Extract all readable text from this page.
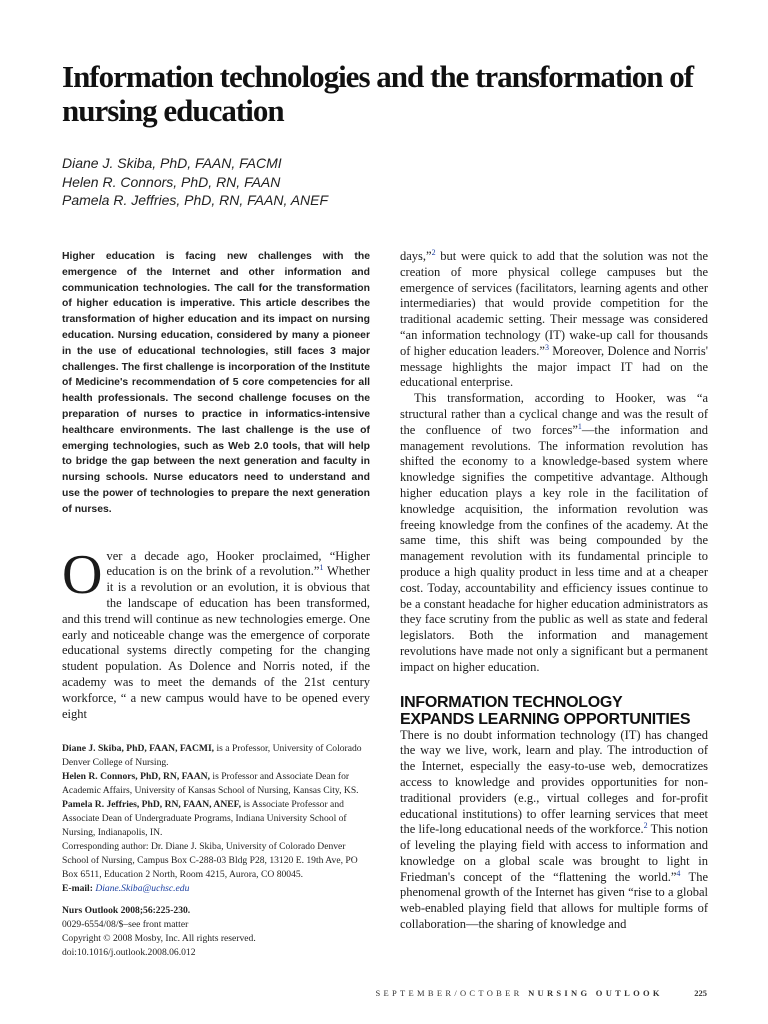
Information technologies and the transformation of nursing education
Diane J. Skiba, PhD, FAAN, FACMI
Helen R. Connors, PhD, RN, FAAN
Pamela R. Jeffries, PhD, RN, FAAN, ANEF

Higher education is facing new challenges with the emergence of the Internet and other information and communication technologies. The call for the transformation of higher education is imperative. This article describes the transformation of higher education and its impact on nursing education. Nursing education, considered by many a pioneer in the use of educational technologies, still faces 3 major challenges. The first challenge is incorporation of the Institute of Medicine's recommendation of 5 core competencies for all health professionals. The second challenge focuses on the preparation of nurses to practice in informatics-intensive healthcare environments. The last challenge is the use of emerging technologies, such as Web 2.0 tools, that will help to bridge the gap between the next generation and faculty in nursing schools. Nurse educators need to understand and use the power of technologies to prepare the next generation of nurses.

O ver a decade ago, Hooker proclaimed, “Higher education is on the brink of a revolution.”$^1$ Whether it is a revolution or an evolution, it is obvious that the landscape of education has been transformed, and this trend will continue as new technologies emerge. One early and noticeable change was the emergence of corporate educational systems directly competing for the changing student population. As Dolence and Norris noted, if the academy was to meet the demands of the 21st century workforce, “ a new campus would have to be opened every eight

Diane J. Skiba, PhD, FAAN, FACMI, is a Professor, University of Colorado Denver College of Nursing.

Helen R. Connors, PhD, RN, FAAN, is Professor and Associate Dean for Academic Affairs, University of Kansas School of Nursing, Kansas City, KS.

Pamela R. Jeffries, PhD, RN, FAAN, ANEF, is Associate Professor and Associate Dean of Undergraduate Programs, Indiana University School of Nursing, Indianapolis, IN.

Corresponding author: Dr. Diane J. Skiba, University of Colorado Denver School of Nursing, Campus Box C-288-03 Bldg P28, 13120 E. 19th Ave, PO Box 6511, Education 2 North, Room 4215, Aurora, CO 80045.

E-mail: Diane.Skiba@uchsc.edu

Nurs Outlook 2008;56:225-230.

0029-6554/08/$–see front matter

Copyright © 2008 Mosby, Inc. All rights reserved.

doi:10.1016/j.outlook.2008.06.012

days,”$^2$ but were quick to add that the solution was not the creation of more physical college campuses but the emergence of services (facilitators, learning agents and other intermediaries) that would provide competition for the traditional academic setting. Their message was considered “an information technology (IT) wake-up call for thousands of higher education leaders.”$^3$ Moreover, Dolence and Norris' message highlights the major impact IT had on the educational enterprise.

This transformation, according to Hooker, was “a structural rather than a cyclical change and was the result of the confluence of two forces”$^1$—the information and management revolutions. The information revolution has shifted the economy to a knowledge-based system where knowledge signifies the competitive advantage. Although higher education plays a key role in the facilitation of knowledge acquisition, the information revolution was freeing knowledge from the confines of the academy. At the same time, this shift was being compounded by the management revolution with its fundamental principle to produce a high quality product in less time and at a cheaper cost. Today, accountability and efficiency issues continue to be a constant headache for higher education administrators as they face scrutiny from the public as well as state and federal legislators. Both the information and management revolutions have made not only a significant but a permanent impact on higher education.

INFORMATION TECHNOLOGY
EXPANDS LEARNING OPPORTUNITIES

There is no doubt information technology (IT) has changed the way we live, work, learn and play. The introduction of the Internet, especially the easy-to-use web, democratizes access to knowledge and provides opportunities for non-traditional providers (e.g., virtual colleges and for-profit educational institutions) to offer learning services that meet the life-long educational needs of the workforce.$^2$ This notion of leveling the playing field with access to information and knowledge on a global scale was brought to light in Friedman's concept of the “flattening the world.”$^4$ The phenomenal growth of the Internet has given “rise to a global web-enabled playing field that allows for multiple forms of collaboration—the sharing of knowledge and

SEPTEMBER/OCTOBER NURSING OUTLOOK	225
